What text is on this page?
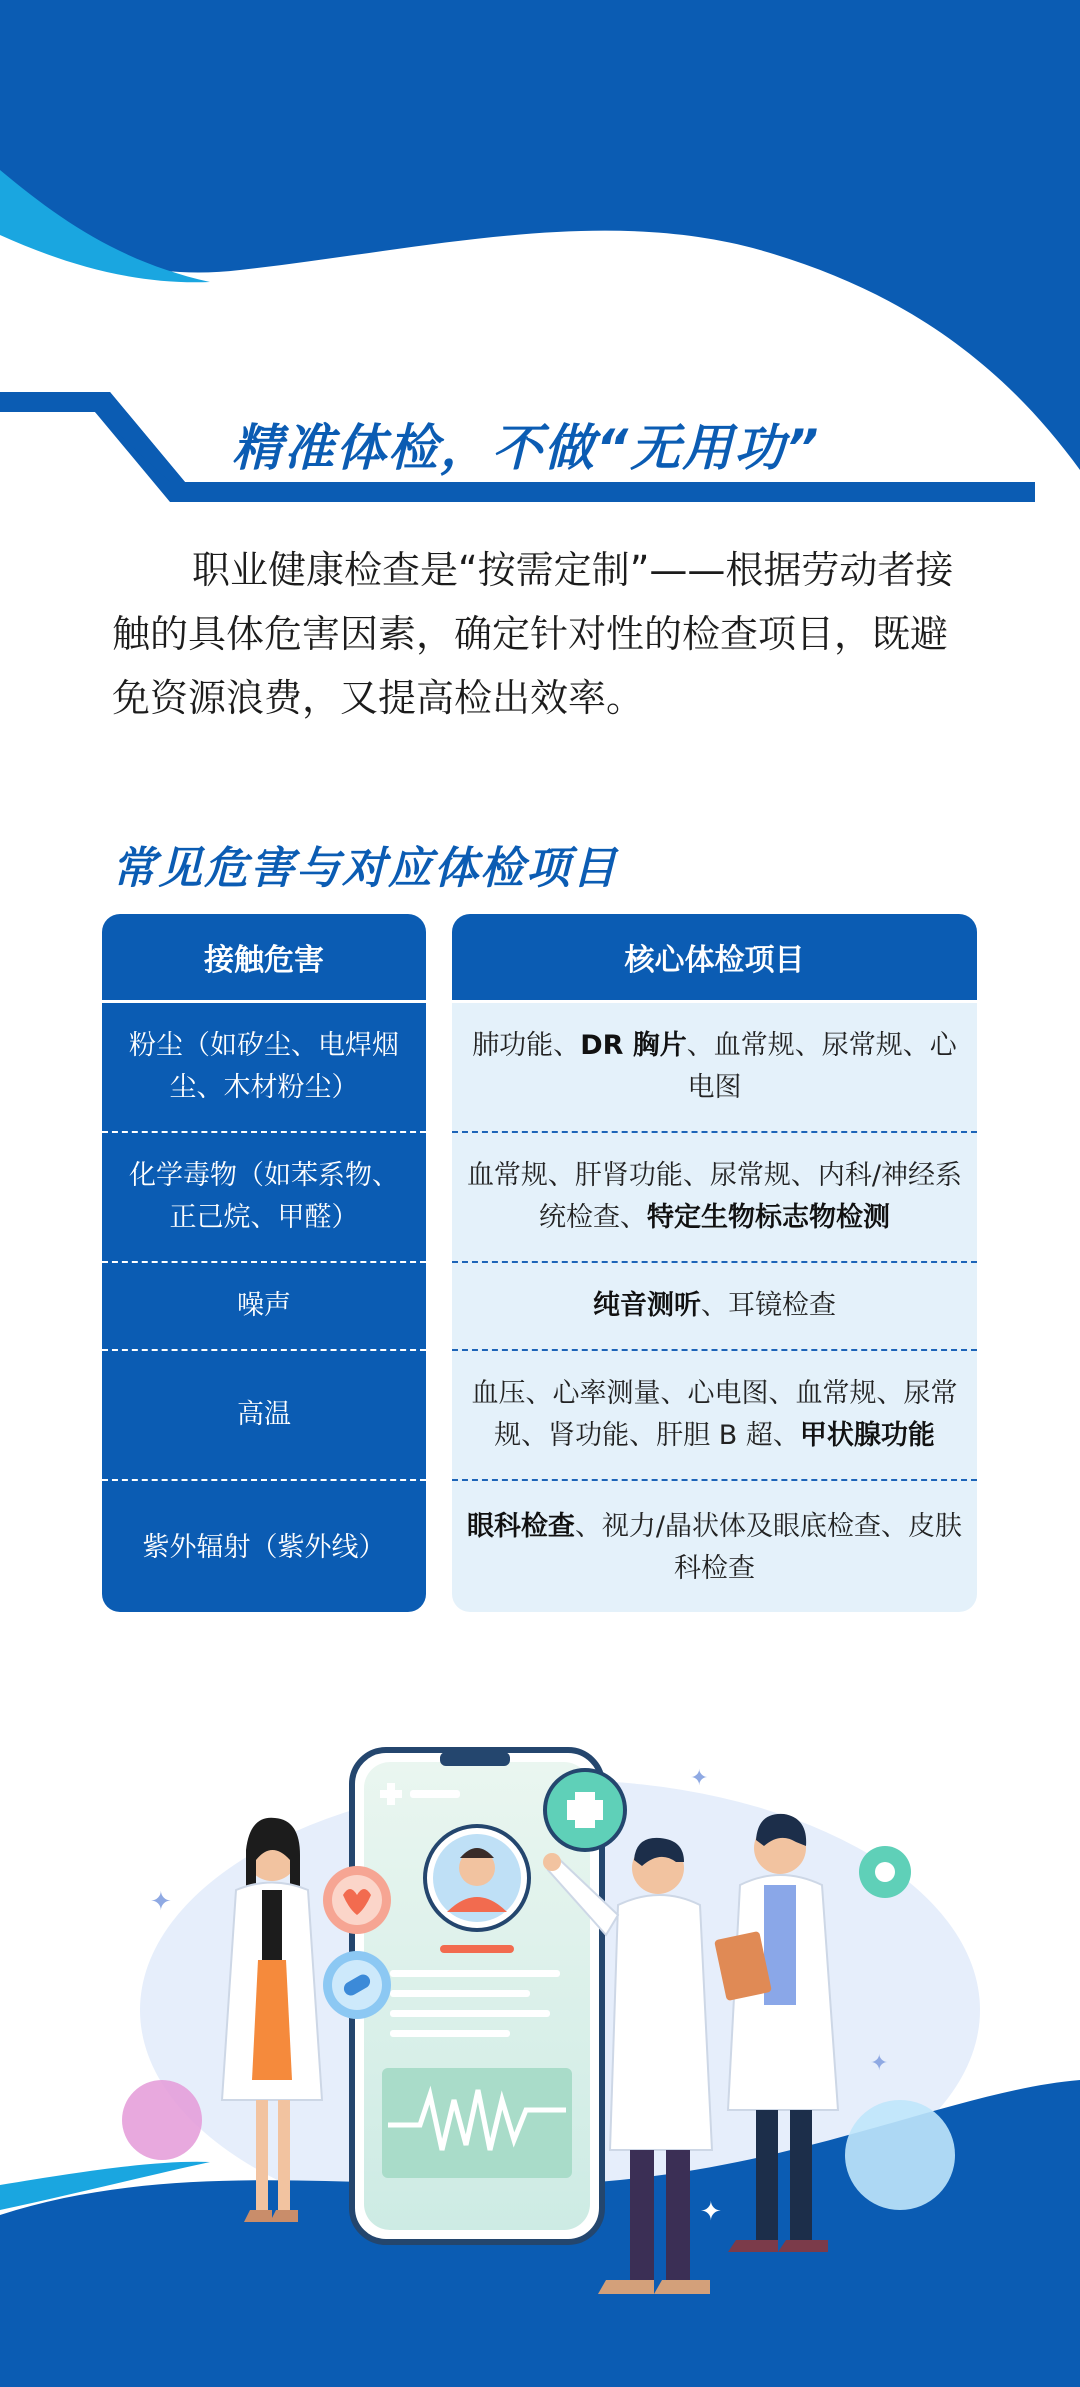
✦
✦
✦
✦
精准体检，不做“无用功”
职业健康检查是“按需定制”——根据劳动者接触的具体危害因素，确定针对性的检查项目，既避免资源浪费，又提高检出效率。
常见危害与对应体检项目
接触危害
粉尘（如矽尘、电焊烟尘、木材粉尘）
化学毒物（如苯系物、正己烷、甲醛）
噪声
高温
紫外辐射（紫外线）
核心体检项目
肺功能、DR 胸片、血常规、尿常规、心电图
血常规、肝肾功能、尿常规、内科/神经系统检查、特定生物标志物检测
纯音测听、耳镜检查
血压、心率测量、心电图、血常规、尿常规、肾功能、肝胆 B 超、甲状腺功能
眼科检查、视力/晶状体及眼底检查、皮肤科检查
